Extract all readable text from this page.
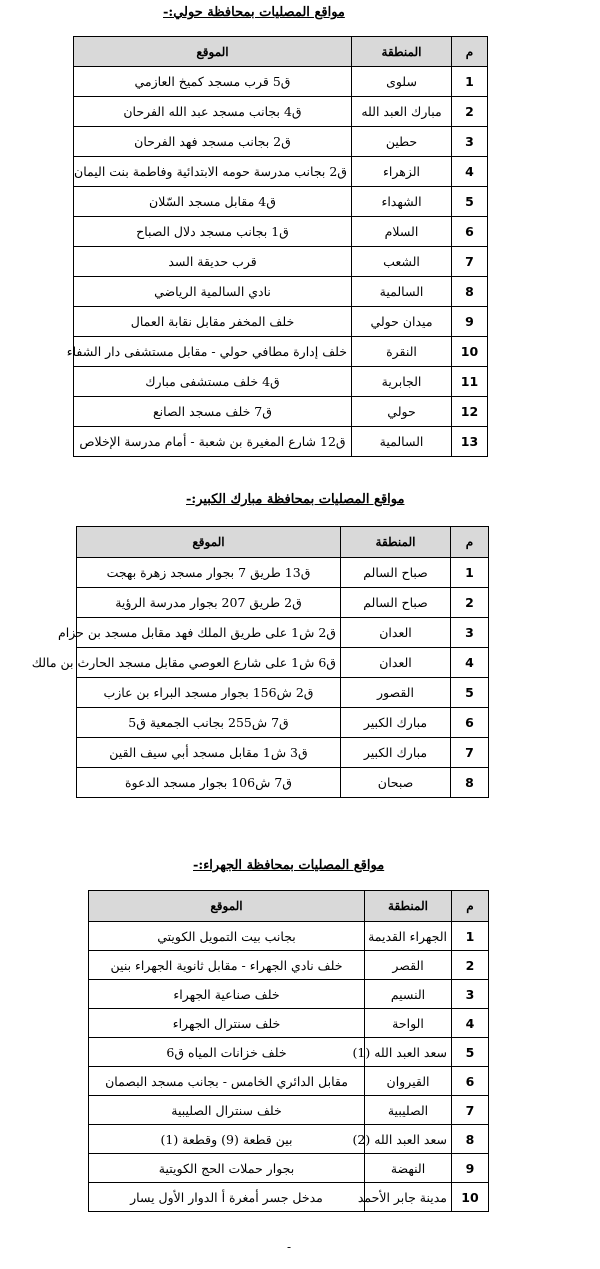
مواقع المصليات بمحافظة حولي:-
م	المنطقة	الموقع
1	سلوى	ق5 قرب مسجد كميخ العازمي
2	مبارك العبد الله	ق4 بجانب مسجد عبد الله الفرحان
3	حطين	ق2 بجانب مسجد فهد الفرحان
4	الزهراء	ق2 بجانب مدرسة حومه الابتدائية وفاطمة بنت اليمان
5	الشهداء	ق4 مقابل مسجد السّلان
6	السلام	ق1 بجانب مسجد دلال الصباح
7	الشعب	قرب حديقة السد
8	السالمية	نادي السالمية الرياضي
9	ميدان حولي	خلف المخفر مقابل نقابة العمال
10	النقرة	خلف إدارة مطافي حولي - مقابل مستشفى دار الشفاء
11	الجابرية	ق4 خلف مستشفى مبارك
12	حولي	ق7 خلف مسجد الصانع
13	السالمية	ق12 شارع المغيرة بن شعبة - أمام مدرسة الإخلاص
مواقع المصليات بمحافظة مبارك الكبير:-
م	المنطقة	الموقع
1	صباح السالم	ق13 طريق 7 بجوار مسجد زهرة بهجت
2	صباح السالم	ق2 طريق 207 بجوار مدرسة الرؤية
3	العدان	ق2 ش1 على طريق الملك فهد مقابل مسجد بن حزام
4	العدان	ق6 ش1 على شارع العوصي مقابل مسجد الحارث بن مالك
5	القصور	ق2 ش156 بجوار مسجد البراء بن عازب
6	مبارك الكبير	ق7 ش255 بجانب الجمعية ق5
7	مبارك الكبير	ق3 ش1 مقابل مسجد أبي سيف القين
8	صبحان	ق7 ش106 بجوار مسجد الدعوة
مواقع المصليات بمحافظة الجهراء:-
م	المنطقة	الموقع
1	الجهراء القديمة	بجانب بيت التمويل الكويتي
2	القصر	خلف نادي الجهراء - مقابل ثانوية الجهراء بنين
3	النسيم	خلف صناعية الجهراء
4	الواحة	خلف سنترال الجهراء
5	سعد العبد الله (1)	خلف خزانات المياه ق6
6	القيروان	مقابل الدائري الخامس - بجانب مسجد البصمان
7	الصليبية	خلف سنترال الصليبية
8	سعد العبد الله (2)	بين قطعة (9) وقطعة (1)
9	النهضة	بجوار حملات الحج الكويتية
10	مدينة جابر الأحمد	مدخل جسر أمغرة أ الدوار الأول يسار
-
